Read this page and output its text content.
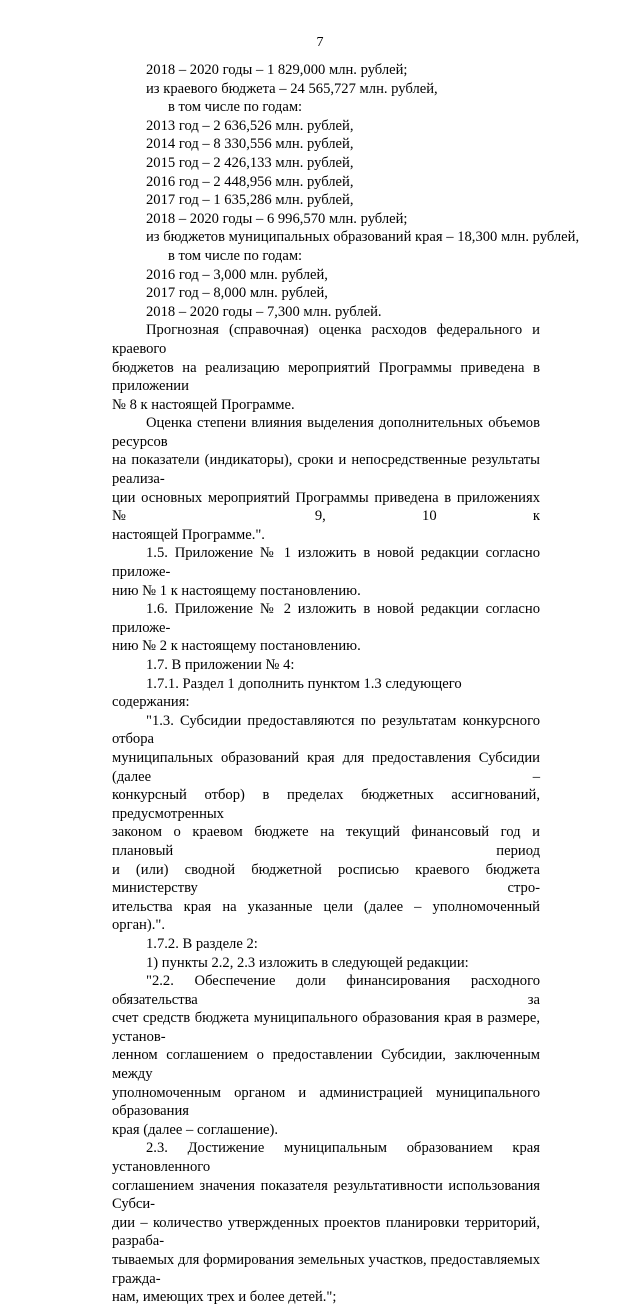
7

2018 – 2020 годы – 1 829,000 млн. рублей;

из краевого бюджета – 24 565,727 млн. рублей,

в том числе по годам:

2013 год – 2 636,526 млн. рублей,

2014 год – 8 330,556 млн. рублей,

2015 год – 2 426,133 млн. рублей,

2016 год – 2 448,956 млн. рублей,

2017 год – 1 635,286 млн. рублей,

2018 – 2020 годы – 6 996,570 млн. рублей;

из бюджетов муниципальных образований края – 18,300 млн. рублей,

в том числе по годам:

2016 год – 3,000 млн. рублей,

2017 год – 8,000 млн. рублей,

2018 – 2020 годы – 7,300 млн. рублей.

Прогнозная (справочная) оценка расходов федерального и краевого

бюджетов на реализацию мероприятий Программы приведена в приложении

№ 8 к настоящей Программе.

Оценка степени влияния выделения дополнительных объемов ресурсов

на показатели (индикаторы), сроки и непосредственные результаты реализа-

ции основных мероприятий Программы приведена в приложениях № 9, 10 к

настоящей Программе.".

1.5. Приложение № 1 изложить в новой редакции согласно приложе-

нию № 1 к настоящему постановлению.

1.6. Приложение № 2 изложить в новой редакции согласно приложе-

нию № 2 к настоящему постановлению.

1.7. В приложении № 4:

1.7.1. Раздел 1 дополнить пунктом 1.3 следующего содержания:

"1.3. Субсидии предоставляются по результатам конкурсного отбора

муниципальных образований края для предоставления Субсидии (далее –

конкурсный отбор) в пределах бюджетных ассигнований, предусмотренных

законом о краевом бюджете на текущий финансовый год и плановый период

и (или) сводной бюджетной росписью краевого бюджета министерству стро-

ительства края на указанные цели (далее – уполномоченный орган).".

1.7.2. В разделе 2:

1) пункты 2.2, 2.3 изложить в следующей редакции:

"2.2. Обеспечение доли финансирования расходного обязательства за

счет средств бюджета муниципального образования края в размере, установ-

ленном соглашением о предоставлении Субсидии, заключенным между

уполномоченным органом и администрацией муниципального образования

края (далее – соглашение).

2.3. Достижение муниципальным образованием края установленного

соглашением значения показателя результативности использования Субси-

дии – количество утвержденных проектов планировки территорий, разраба-

тываемых для формирования земельных участков, предоставляемых гражда-

нам, имеющих трех и более детей.";
